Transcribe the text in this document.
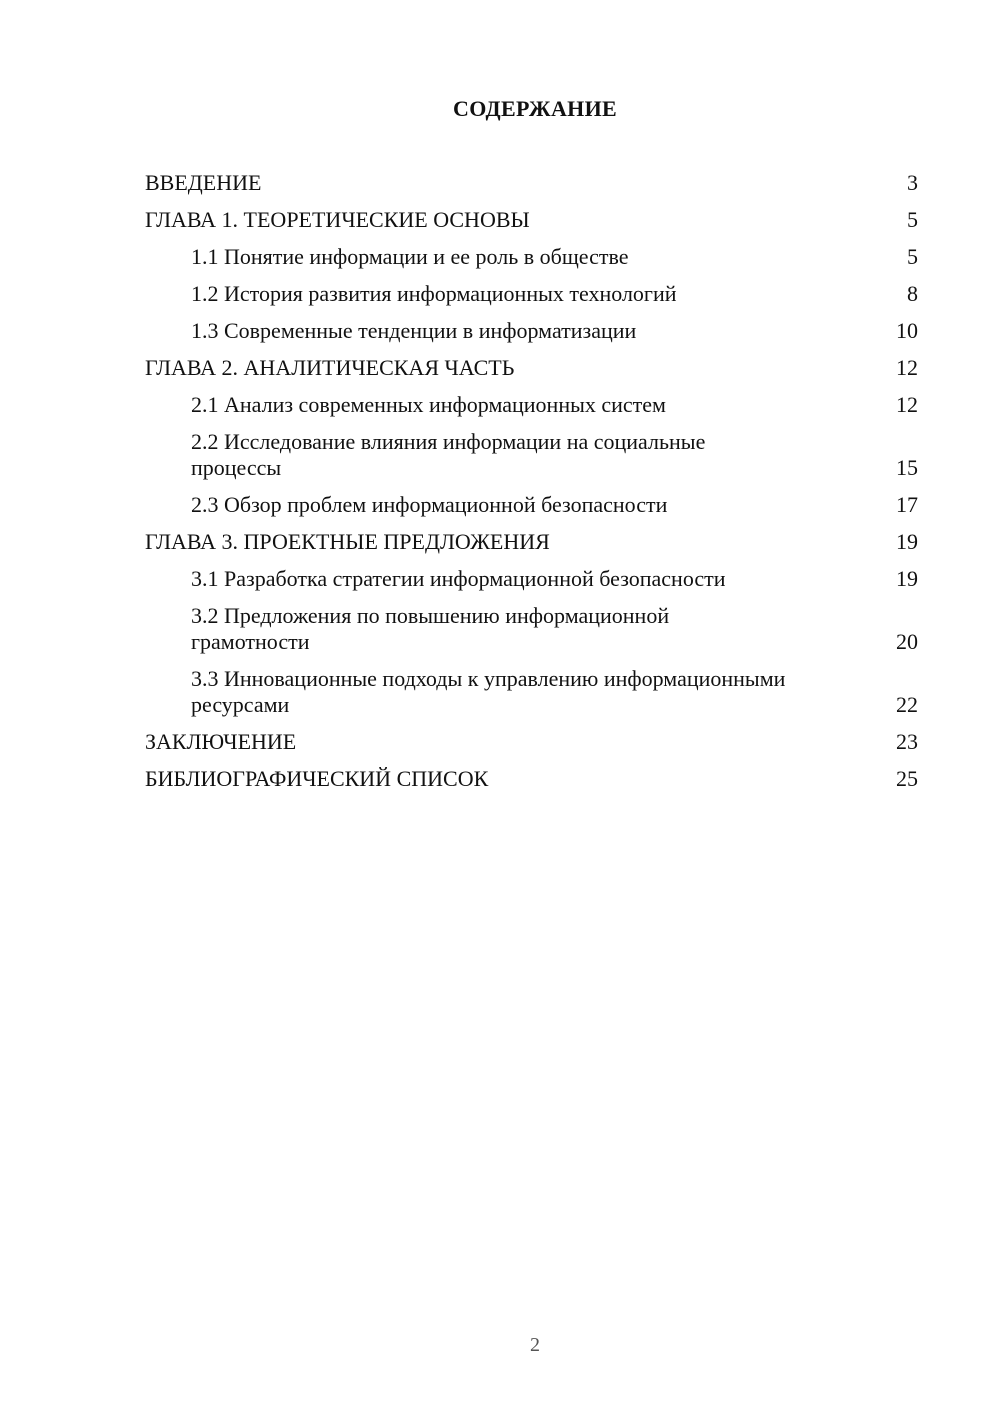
СОДЕРЖАНИЕ
ВВЕДЕНИЕ	3
ГЛАВА 1. ТЕОРЕТИЧЕСКИЕ ОСНОВЫ	5
1.1 Понятие информации и ее роль в обществе	5
1.2 История развития информационных технологий	8
1.3 Современные тенденции в информатизации	10
ГЛАВА 2. АНАЛИТИЧЕСКАЯ ЧАСТЬ	12
2.1 Анализ современных информационных систем	12
2.2 Исследование влияния информации на социальные процессы	15
2.3 Обзор проблем информационной безопасности	17
ГЛАВА 3. ПРОЕКТНЫЕ ПРЕДЛОЖЕНИЯ	19
3.1 Разработка стратегии информационной безопасности	19
3.2 Предложения по повышению информационной грамотности	20
3.3 Инновационные подходы к управлению информационными ресурсами	22
ЗАКЛЮЧЕНИЕ	23
БИБЛИОГРАФИЧЕСКИЙ СПИСОК	25
2
